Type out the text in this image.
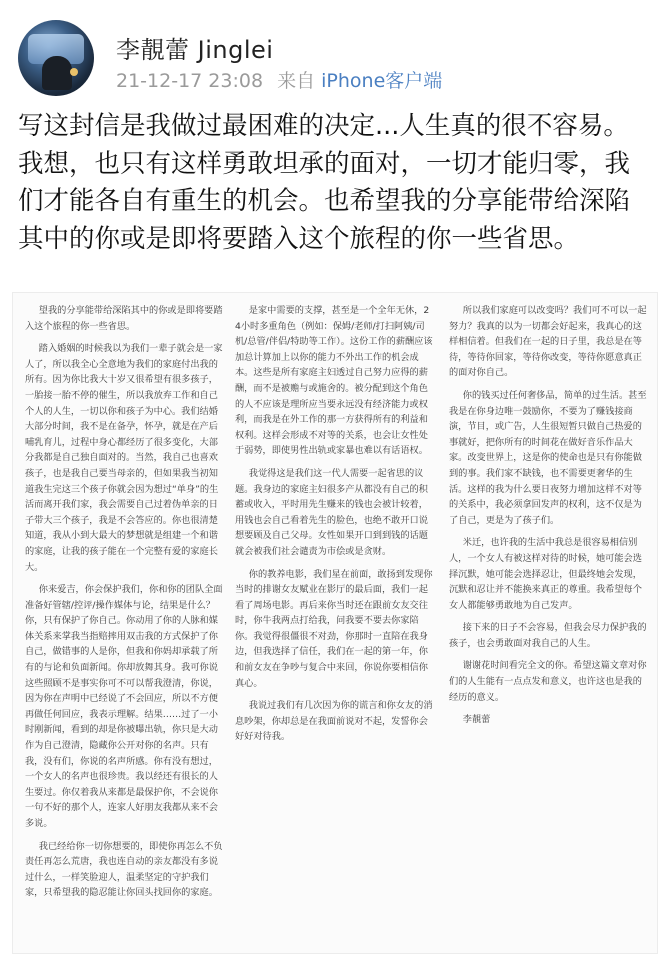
李靚蕾 Jinglei
21-12-17 23:08 来自 iPhone客户端
写这封信是我做过最困难的决定...人生真的很不容易。我想，也只有这样勇敢坦承的面对，一切才能归零，我们才能各自有重生的机会。也希望我的分享能带给深陷其中的你或是即将要踏入这个旅程的你一些省思。

望我的分享能带给深陷其中的你或是即将要踏入这个旅程的你一些省思。

踏入婚姻的时候我以为我们一辈子就会是一家人了，所以我全心全意地为我们的家庭付出我的所有。因为你比我大十岁又很希望有很多孩子，一胎接一胎不停的催生，所以我放弃工作和自己个人的人生，一切以你和孩子为中心。我们结婚大部分时间，我不是在备孕，怀孕，就是在产后哺乳育儿，过程中身心都经历了很多变化，大部分我都是自己独自面对的。当然，我自己也喜欢孩子，也是我自己要当母亲的，但如果我当初知道我生完这三个孩子你就会因为想过“单身”的生活而离开我们家，我会需要自己过着伪单亲的日子带大三个孩子，我是不会答应的。你也很清楚知道，我从小到大最大的梦想就是组建一个和谐的家庭，让我的孩子能在一个完整有爱的家庭长大。

你来爱吉，你会保护我们，你和你的团队全面准备好管辖/控评/操作媒体与论，结果是什么？你，只有保护了你自己。你动用了你的人脉和媒体关系来掌我当指赔摔用双击我的方式保护了你自己，做错事的人是你，但我和你妈却承载了所有的与论和负面新闻。你却放舞其身。我可你说这些照顾不是事实你可不可以帮我澄清，你说，因为你在声明中已经说了不会回应，所以不方便再做任何回应，我表示理解。结果……过了一小时刚新闻，看到的却是你被曝出轨，你只是大动作为自己澄清，隐藏你公开对你的名声。只有我，没有们，你说的名声所感。你有没有想过，一个女人的名声也很珍贵。我以经还有很长的人生要过。你仅着我从来都是最保护你，不会说你一句不好的那个人，连家人好朋友我都从来不会多说。

我已经给你一切你想要的，即使你再怎么不负责任再怎么荒唐，我也连自动的亲友都没有多说过什么，一样笑脸迎人，温柔坚定的守护我们家，只希望我的隐忍能让你回头找回你的家庭。

是家中需要的支撑，甚至是一个全年无休，24小时多重角色（例如：保姆/老师/打扫阿姨/司机/总管/伴侣/特助等工作）。这份工作的薪酬应该加总计算加上以你的能力不外出工作的机会成本。这些是所有家庭主妇透过自己努力应得的薪酬，而不是被赡与或施舍的。被分配到这个角色的人不应该是理所应当要永远没有经济能力或权利，而我是在外工作的那一方获得所有的利益和权利。这样会形成不对等的关系，也会让女性处于弱势，即使男性出轨或家暴也难以有话语权。

我觉得这是我们这一代人需要一起省思的议题。我身边的家庭主妇很多产从都没有自己的积蓄或收入，平时用先生赚来的钱也会被计较着，用钱也会自己看着先生的脸色，也绝不敢开口说想要顾及自己父母。女性如果开口到到钱的话题就会被我们社会谴责为市侩或是贪财。

你的教养电影，我们星在前面，敢扬到发现你当时的排谢女友赋业在影厅的最后面，我们一起看了周场电影。再后来你当时还在跟前女友交往时，你牛我两点打给我，问我要不要去你家陪你。我觉得很僵很不对劲，你那时一直陪在我身边，但我选择了信任，我们在一起的第一年，你和前女友在争吵与复合中来回，你说你要相信你真心。

我说过我们有几次因为你的谎言和你女友的消息吵架，你却总是在我面前说对不起，发誓你会好好对待我。

所以我们家庭可以改变吗？我们可不可以一起努力？我真的以为一切都会好起来，我真心的这样相信着。但我们在一起的日子里，我总是在等待，等待你回家，等待你改变，等待你愿意真正的面对你自己。

你的钱买过任何奢侈品，简单的过生活。甚至我是在你身边唯一鼓励你，不要为了赚钱接商演，节目，或广告，人生很短暂只做自己热爱的事就好，把你所有的时间花在做好音乐作品大家。改变世界上，这是你的使命也是只有你能做到的事。我们家不缺钱，也不需要更奢华的生活。这样的我为什么要日夜努力增加这样不对等的关系中，我必须拿回发声的权利，这不仅是为了自己，更是为了孩子们。

米迁，也许我的生活中我总是很容易相信别人，一个女人有被这样对待的时候，她可能会选择沉默，她可能会选择忍让，但最终她会发现，沉默和忍让并不能换来真正的尊重。我希望每个女人都能够勇敢地为自己发声。

接下来的日子不会容易，但我会尽力保护我的孩子，也会勇敢面对我自己的人生。

谢谢花时间看完全文的你。希望这篇文章对你们的人生能有一点点发和意义，也许这也是我的经历的意义。

李靚蕾
